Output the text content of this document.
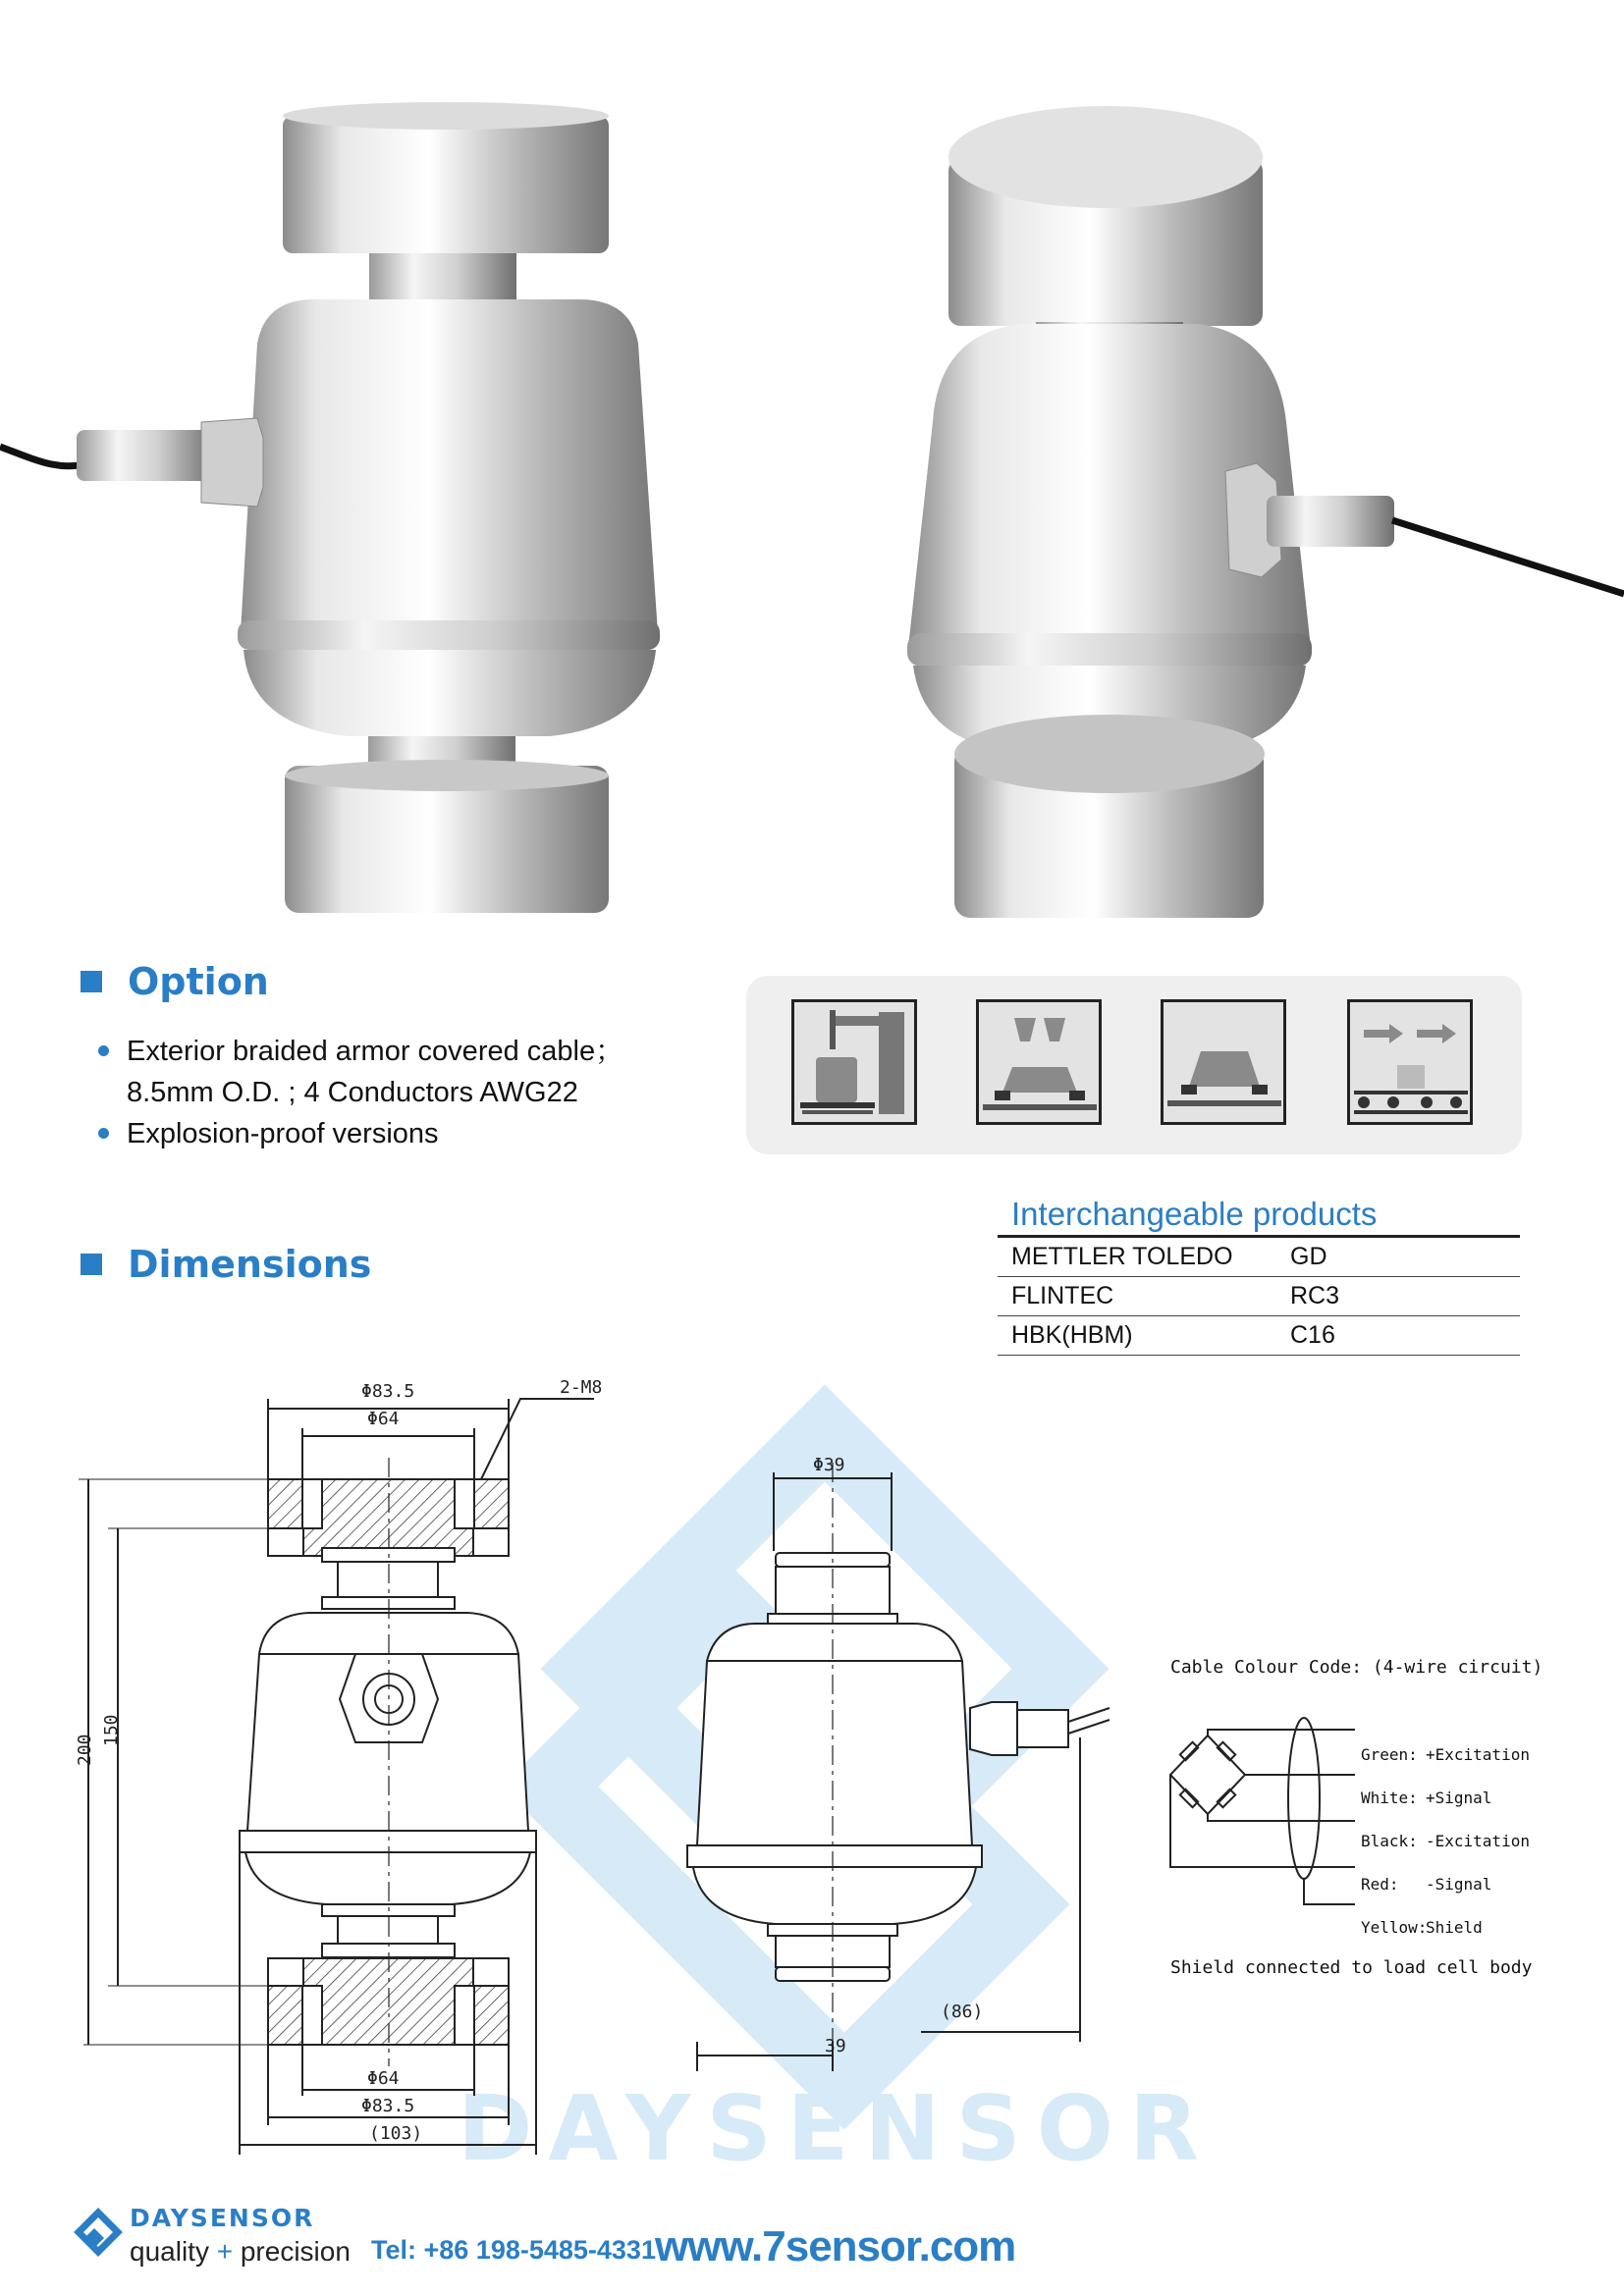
Option
Exterior braided armor covered cable；
8.5mm O.D. ; 4 Conductors AWG22
Explosion-proof versions
Interchangeable products
METTLER TOLEDO	GD
FLINTEC	RC3
HBK(HBM)	C16
Dimensions
DAYSENSOR
Φ83.5
Φ64
2-M8
200
150
Φ64
Φ83.5
(103)
Φ39
(86)
39
Cable Colour Code: (4-wire circuit)
Green: +Excitation
White: +Signal
Black: -Excitation
Red: -Signal
Yellow:Shield
Shield connected to load cell body
DAYSENSOR
quality + precision Tel: +86 198-5485-4331 www.7sensor.com
